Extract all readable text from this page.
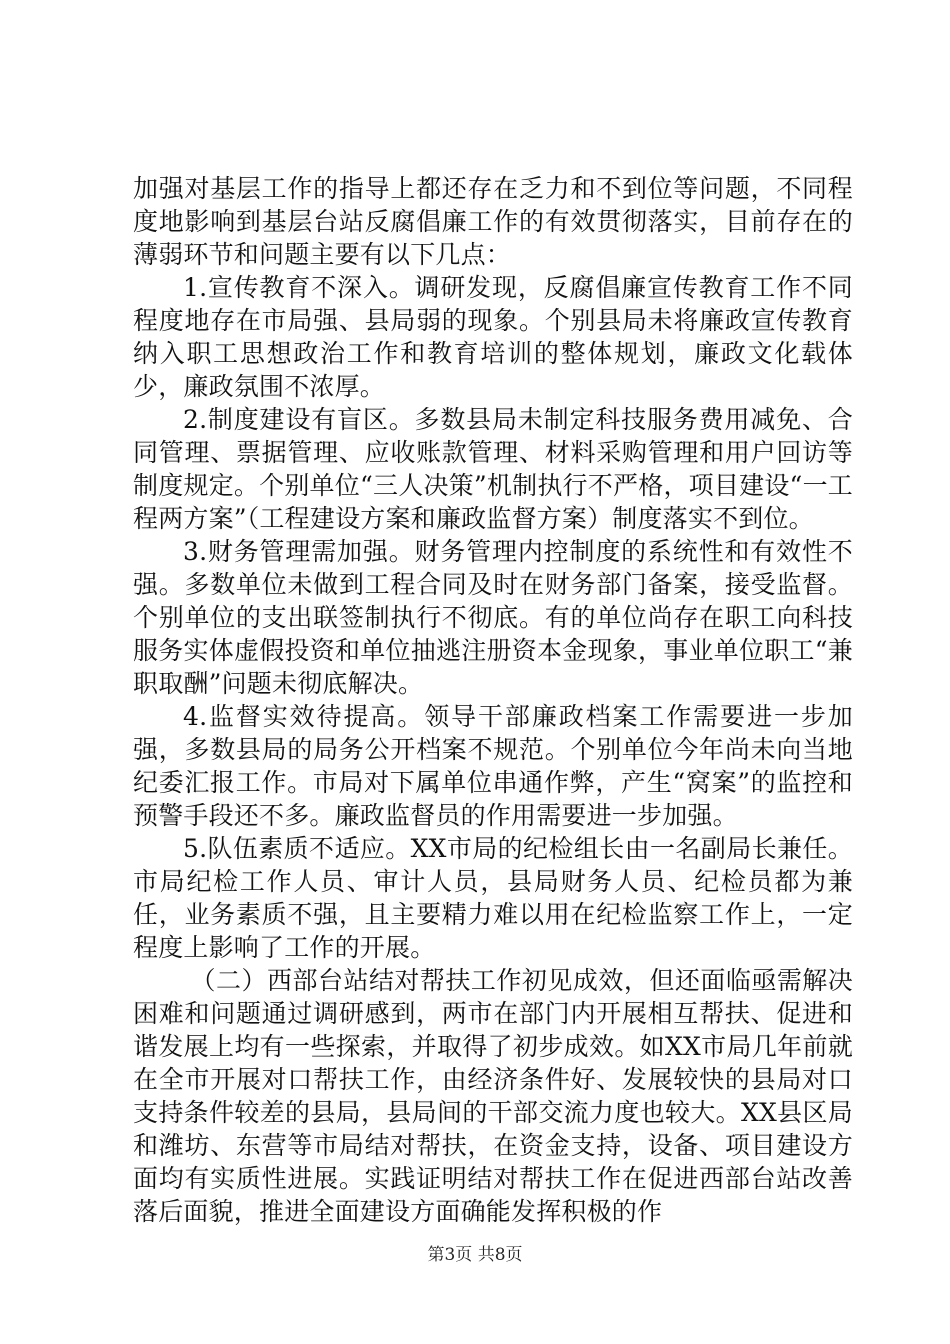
加强对基层工作的指导上都还存在乏力和不到位等问题，不同程度地影响到基层台站反腐倡廉工作的有效贯彻落实，目前存在的薄弱环节和问题主要有以下几点：

1.宣传教育不深入。调研发现，反腐倡廉宣传教育工作不同程度地存在市局强、县局弱的现象。个别县局未将廉政宣传教育纳入职工思想政治工作和教育培训的整体规划，廉政文化载体少，廉政氛围不浓厚。

2.制度建设有盲区。多数县局未制定科技服务费用减免、合同管理、票据管理、应收账款管理、材料采购管理和用户回访等制度规定。个别单位“三人决策”机制执行不严格，项目建设“一工程两方案”（工程建设方案和廉政监督方案）制度落实不到位。

3.财务管理需加强。财务管理内控制度的系统性和有效性不强。多数单位未做到工程合同及时在财务部门备案，接受监督。个别单位的支出联签制执行不彻底。有的单位尚存在职工向科技服务实体虚假投资和单位抽逃注册资本金现象，事业单位职工“兼职取酬”问题未彻底解决。

4.监督实效待提高。领导干部廉政档案工作需要进一步加强，多数县局的局务公开档案不规范。个别单位今年尚未向当地纪委汇报工作。市局对下属单位串通作弊，产生“窝案”的监控和预警手段还不多。廉政监督员的作用需要进一步加强。

5.队伍素质不适应。XX市局的纪检组长由一名副局长兼任。市局纪检工作人员、审计人员，县局财务人员、纪检员都为兼任，业务素质不强，且主要精力难以用在纪检监察工作上，一定程度上影响了工作的开展。

（二）西部台站结对帮扶工作初见成效，但还面临亟需解决困难和问题通过调研感到，两市在部门内开展相互帮扶、促进和谐发展上均有一些探索，并取得了初步成效。如XX市局几年前就在全市开展对口帮扶工作，由经济条件好、发展较快的县局对口支持条件较差的县局，县局间的干部交流力度也较大。XX县区局和潍坊、东营等市局结对帮扶，在资金支持，设备、项目建设方面均有实质性进展。实践证明结对帮扶工作在促进西部台站改善落后面貌，推进全面建设方面确能发挥积极的作

第3页 共8页
